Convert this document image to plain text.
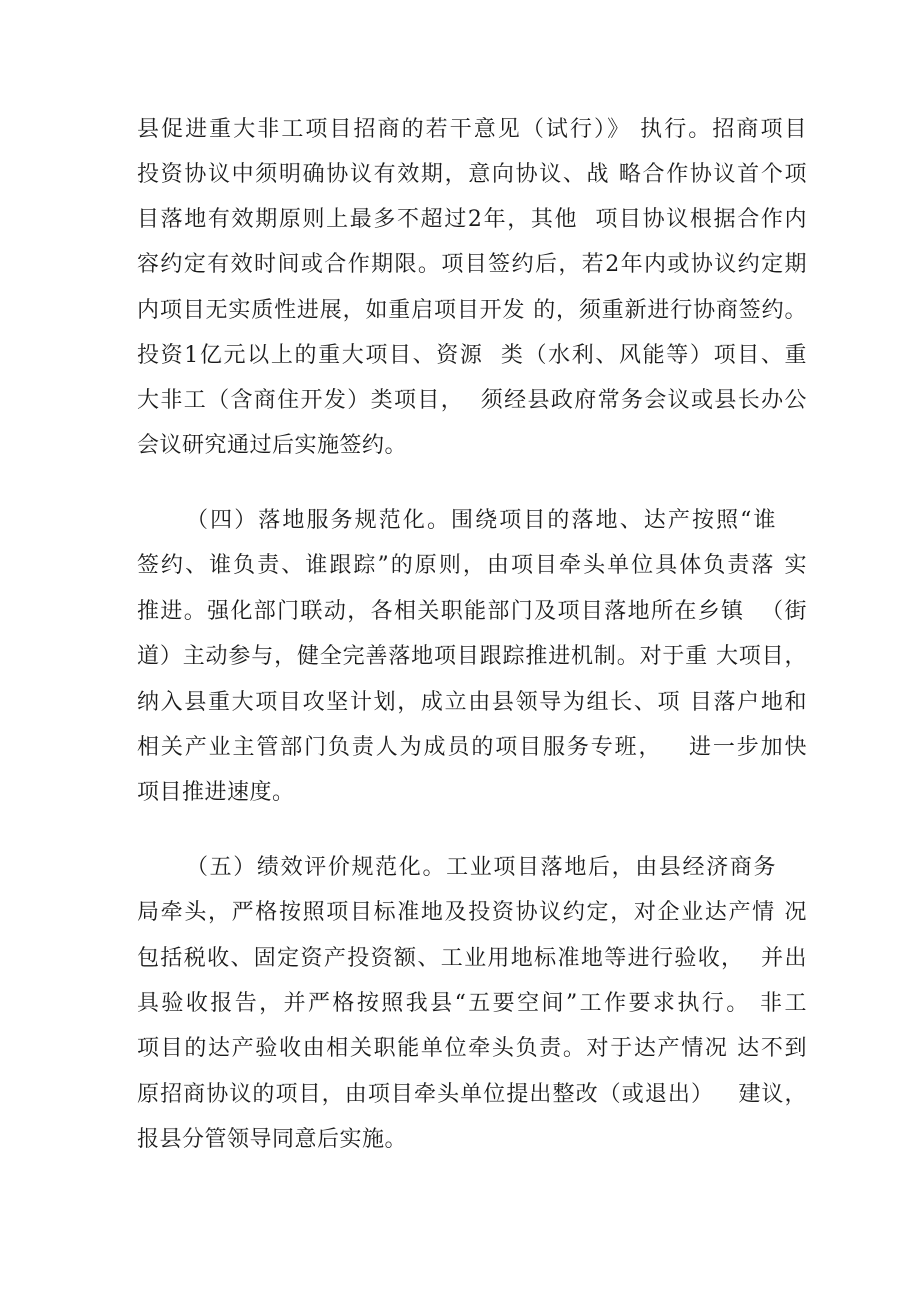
县促进重大非工项目招商的若干意见（试行）》 执行。招商项目
投资协议中须明确协议有效期，意向协议、战 略合作协议首个项
目落地有效期原则上最多不超过2年，其他  项目协议根据合作内
容约定有效时间或合作期限。项目签约后，若2年内或协议约定期
内项目无实质性进展，如重启项目开发 的，须重新进行协商签约。
投资1亿元以上的重大项目、资源  类（水利、风能等）项目、重
大非工（含商住开发）类项目，  须经县政府常务会议或县长办公
会议研究通过后实施签约。
（四）落地服务规范化。围绕项目的落地、达产按照“谁
签约、谁负责、谁跟踪”的原则，由项目牵头单位具体负责落 实
推进。强化部门联动，各相关职能部门及项目落地所在乡镇  （街
道）主动参与，健全完善落地项目跟踪推进机制。对于重 大项目，
纳入县重大项目攻坚计划，成立由县领导为组长、项 目落户地和
相关产业主管部门负责人为成员的项目服务专班，   进一步加快
项目推进速度。
（五）绩效评价规范化。工业项目落地后，由县经济商务
局牵头，严格按照项目标准地及投资协议约定，对企业达产情 况
包括税收、固定资产投资额、工业用地标准地等进行验收，  并出
具验收报告，并严格按照我县“五要空间”工作要求执行。 非工
项目的达产验收由相关职能单位牵头负责。对于达产情况 达不到
原招商协议的项目，由项目牵头单位提出整改（或退出）   建议，
报县分管领导同意后实施。
